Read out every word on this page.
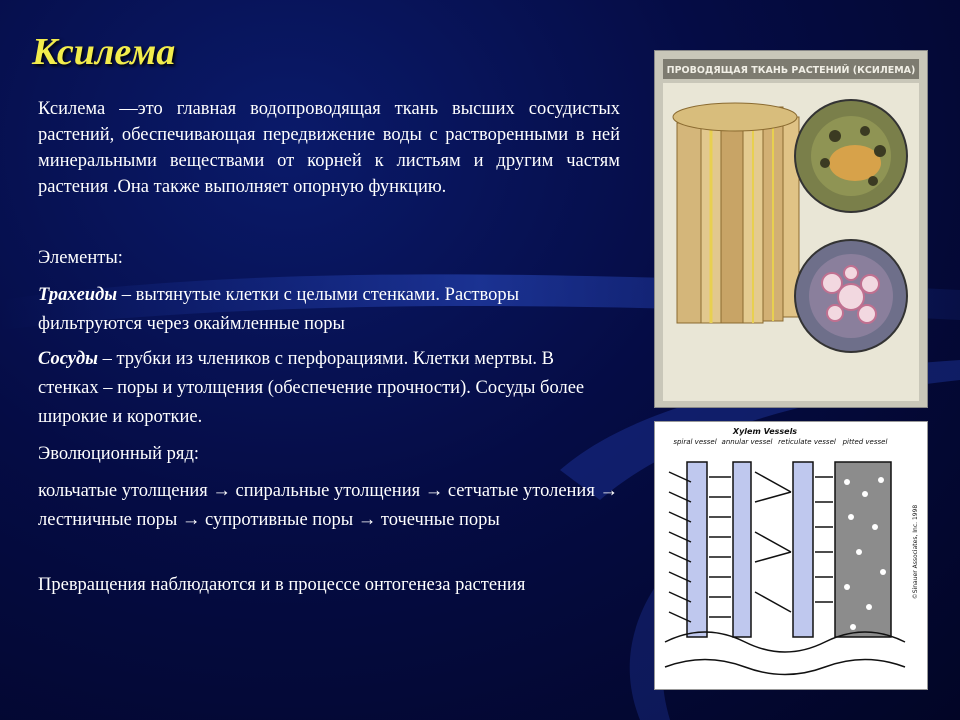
Ксилема
Ксилема —это главная водопроводящая ткань высших сосудистых растений, обеспечивающая передвижение воды с растворенными в ней минеральными веществами от корней к листьям и другим частям растения .Она также выполняет опорную функцию.
Элементы:
Трахеиды – вытянутые клетки с целыми стенками. Растворы фильтруются через окаймленные поры
Сосуды – трубки из члеников с перфорациями. Клетки мертвы. В стенках – поры и утолщения (обеспечение прочности). Сосуды более широкие и короткие.
Эволюционный ряд:
кольчатые утолщения → спиральные утолщения → сетчатые утоления → лестничные поры → супротивные поры → точечные поры
Превращения наблюдаются и в процессе онтогенеза растения
ПРОВОДЯЩАЯ ТКАНЬ РАСТЕНИЙ (КСИЛЕМА)
Xylem Vessels
spiral vessel annular vessel reticulate vessel pitted vessel
©Sinauer Associates, Inc. 1998
